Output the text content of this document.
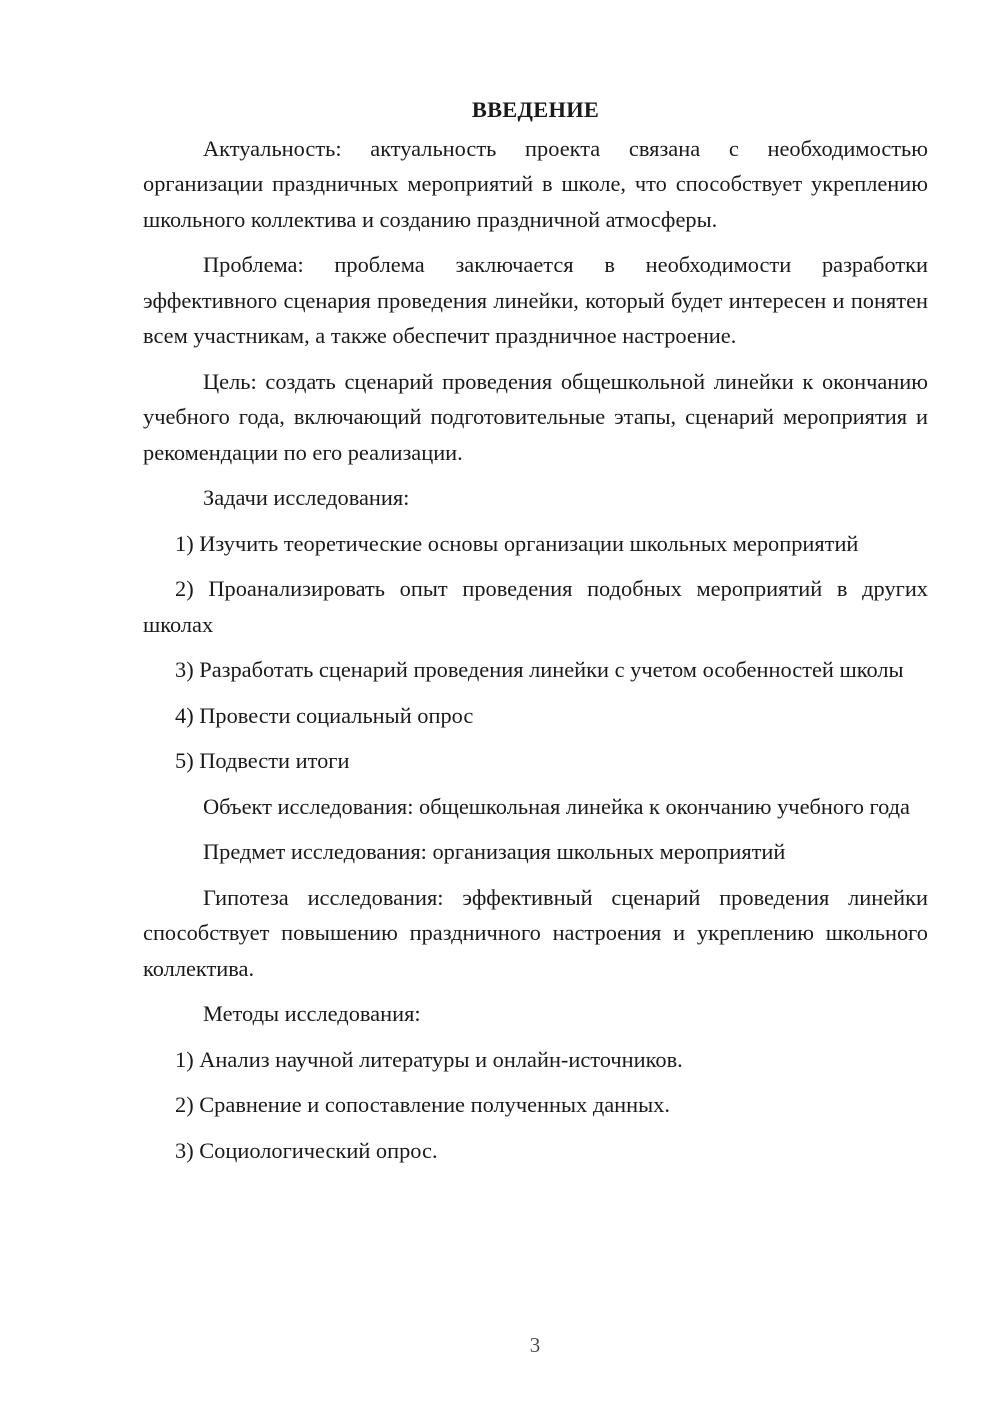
ВВЕДЕНИЕ

Актуальность: актуальность проекта связана с необходимостью организации праздничных мероприятий в школе, что способствует укреплению школьного коллектива и созданию праздничной атмосферы.

Проблема: проблема заключается в необходимости разработки эффективного сценария проведения линейки, который будет интересен и понятен всем участникам, а также обеспечит праздничное настроение.

Цель: создать сценарий проведения общешкольной линейки к окончанию учебного года, включающий подготовительные этапы, сценарий мероприятия и рекомендации по его реализации.

Задачи исследования:

1) Изучить теоретические основы организации школьных мероприятий

2) Проанализировать опыт проведения подобных мероприятий в других школах

3) Разработать сценарий проведения линейки с учетом особенностей школы

4) Провести социальный опрос

5) Подвести итоги

Объект исследования: общешкольная линейка к окончанию учебного года

Предмет исследования: организация школьных мероприятий

Гипотеза исследования: эффективный сценарий проведения линейки способствует повышению праздничного настроения и укреплению школьного коллектива.

Методы исследования:

1) Анализ научной литературы и онлайн-источников.

2) Сравнение и сопоставление полученных данных.

3) Социологический опрос.

3
